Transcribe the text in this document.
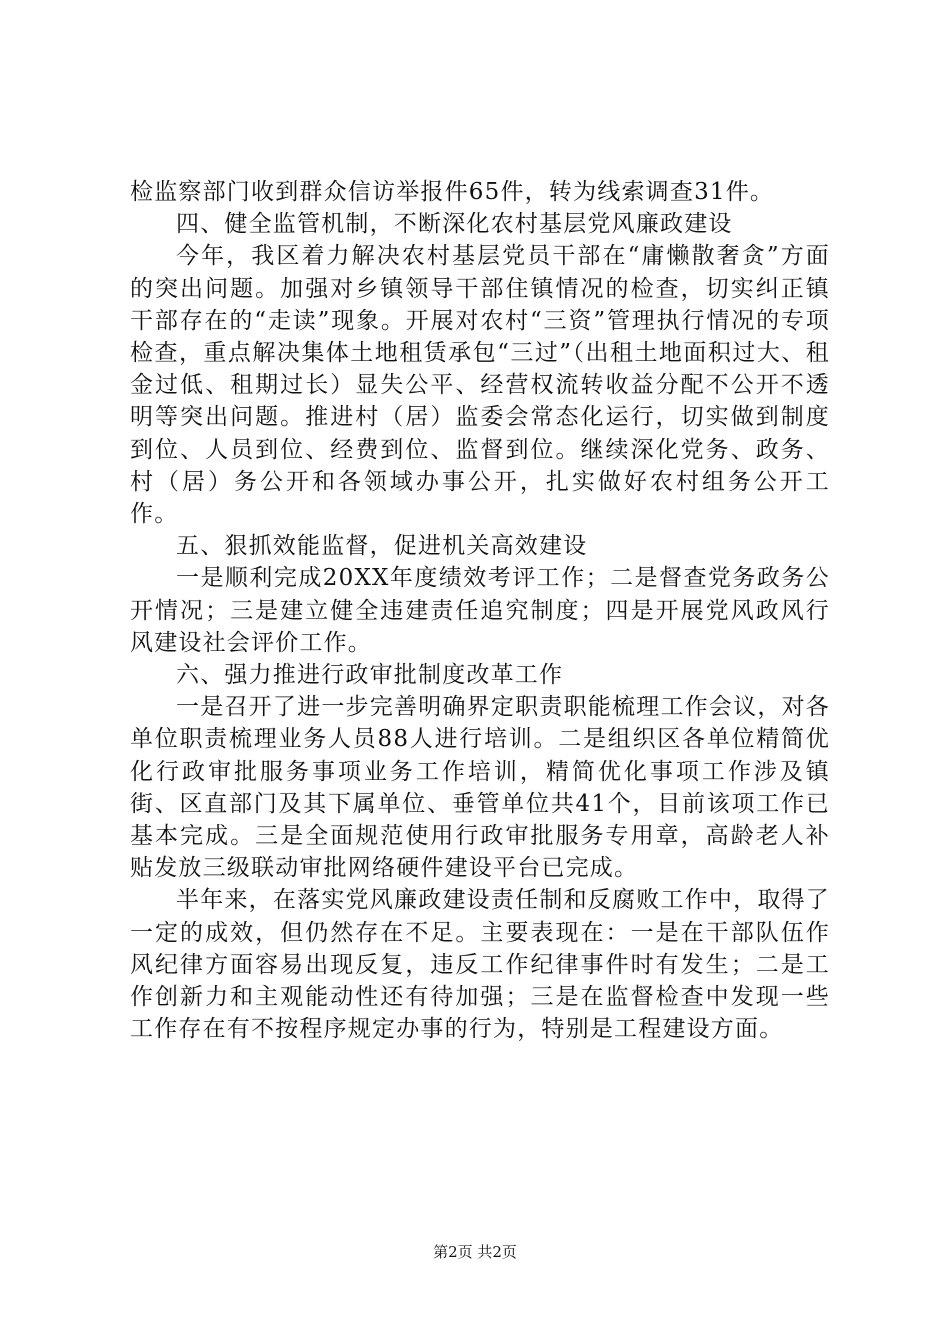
检监察部门收到群众信访举报件65件，转为线索调查31件。

四、健全监管机制，不断深化农村基层党风廉政建设

今年，我区着力解决农村基层党员干部在“庸懒散奢贪”方面的突出问题。加强对乡镇领导干部住镇情况的检查，切实纠正镇干部存在的“走读”现象。开展对农村“三资”管理执行情况的专项检查，重点解决集体土地租赁承包“三过”（出租土地面积过大、租金过低、租期过长）显失公平、经营权流转收益分配不公开不透明等突出问题。推进村（居）监委会常态化运行，切实做到制度到位、人员到位、经费到位、监督到位。继续深化党务、政务、村（居）务公开和各领域办事公开，扎实做好农村组务公开工作。

五、狠抓效能监督，促进机关高效建设

一是顺利完成20XX年度绩效考评工作；二是督查党务政务公开情况；三是建立健全违建责任追究制度；四是开展党风政风行风建设社会评价工作。

六、强力推进行政审批制度改革工作

一是召开了进一步完善明确界定职责职能梳理工作会议，对各单位职责梳理业务人员88人进行培训。二是组织区各单位精简优化行政审批服务事项业务工作培训，精简优化事项工作涉及镇街、区直部门及其下属单位、垂管单位共41个，目前该项工作已基本完成。三是全面规范使用行政审批服务专用章，高龄老人补贴发放三级联动审批网络硬件建设平台已完成。

半年来，在落实党风廉政建设责任制和反腐败工作中，取得了一定的成效，但仍然存在不足。主要表现在：一是在干部队伍作风纪律方面容易出现反复，违反工作纪律事件时有发生；二是工作创新力和主观能动性还有待加强；三是在监督检查中发现一些工作存在有不按程序规定办事的行为，特别是工程建设方面。

第2页 共2页
